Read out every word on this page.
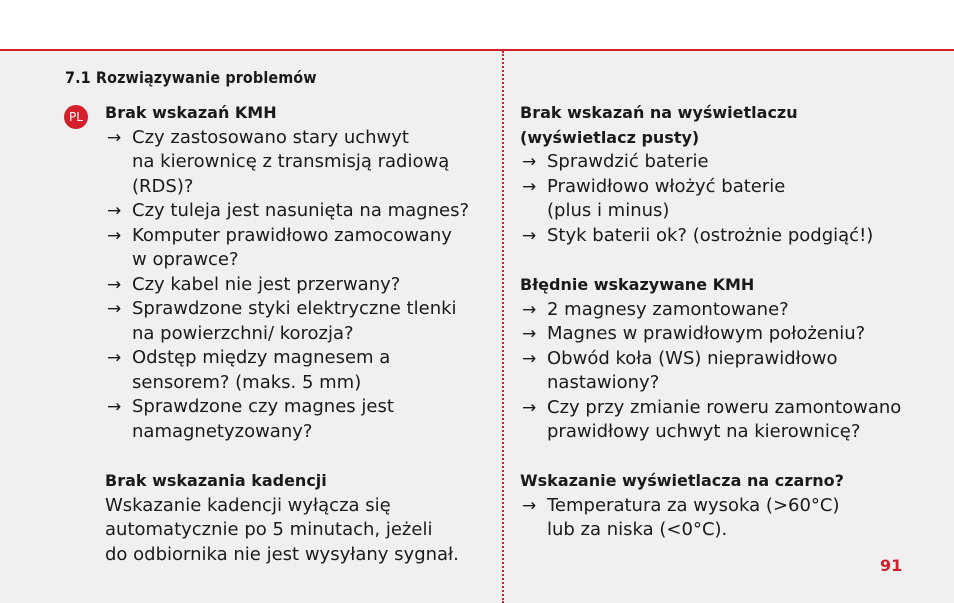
7.1 Rozwiązywanie problemów
PL	Brak wskazań KMH
→ Czy zastosowano stary uchwyt
na kierownicę z transmisją radiową
(RDS)?
→ Czy tuleja jest nasunięta na magnes?
→ Komputer prawidłowo zamocowany
w oprawce?
→ Czy kabel nie jest przerwany?
→ Sprawdzone styki elektryczne tlenki
na powierzchni/ korozja?
→ Odstęp między magnesem a
sensorem? (maks. 5 mm)
→ Sprawdzone czy magnes jest
namagnetyzowany?
Brak wskazania kadencji
Wskazanie kadencji wyłącza się
automatycznie po 5 minutach, jeżeli
do odbiornika nie jest wysyłany sygnał.
Brak wskazań na wyświetlaczu
(wyświetlacz pusty)
→ Sprawdzić baterie
→ Prawidłowo włożyć baterie
(plus i minus)
→ Styk baterii ok? (ostrożnie podgiąć!)
Błędnie wskazywane KMH
→ 2 magnesy zamontowane?
→ Magnes w prawidłowym położeniu?
→ Obwód koła (WS) nieprawidłowo
nastawiony?
→ Czy przy zmianie roweru zamontowano
prawidłowy uchwyt na kierownicę?
Wskazanie wyświetlacza na czarno?
→ Temperatura za wysoka (>60°C)
lub za niska (<0°C).
91
